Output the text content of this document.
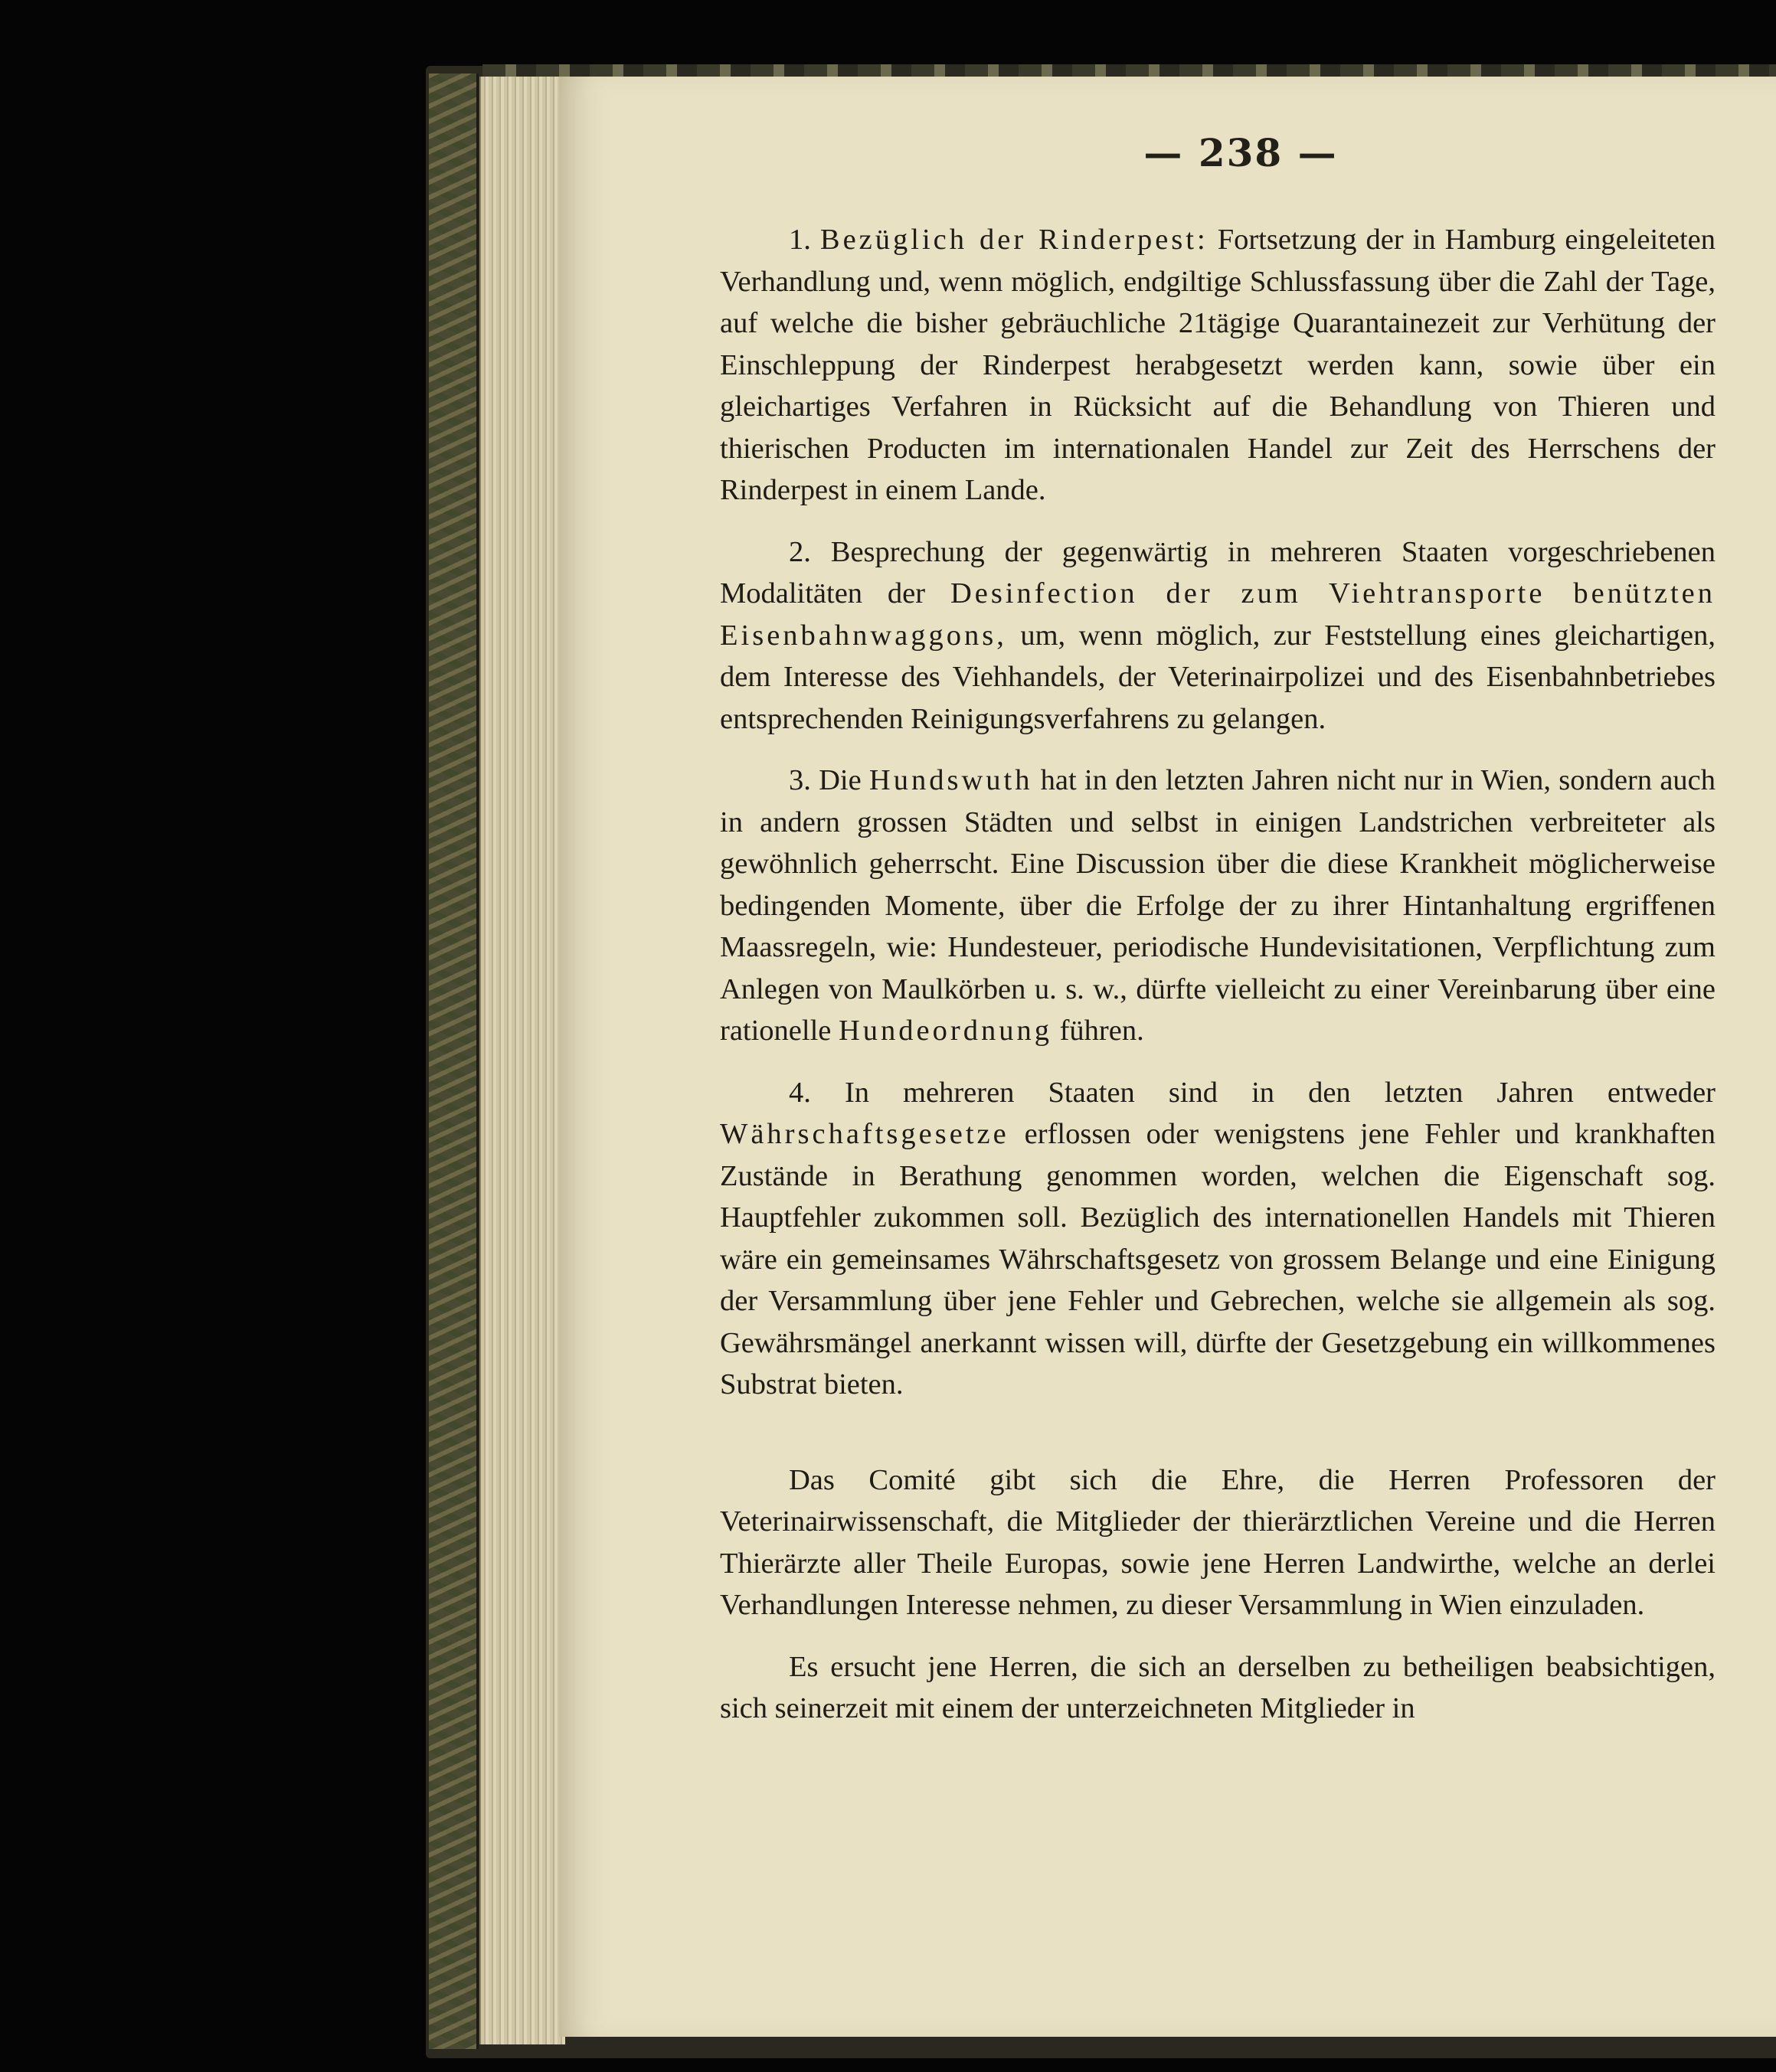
— 238 —

1. Bezüglich der Rinderpest: Fortsetzung der in Hamburg eingeleiteten Verhandlung und, wenn möglich, endgiltige Schlussfassung über die Zahl der Tage, auf welche die bisher gebräuchliche 21tägige Quarantainezeit zur Verhütung der Einschleppung der Rinderpest herabgesetzt werden kann, sowie über ein gleichartiges Verfahren in Rücksicht auf die Behandlung von Thieren und thierischen Producten im internationalen Handel zur Zeit des Herrschens der Rinderpest in einem Lande.

2. Besprechung der gegenwärtig in mehreren Staaten vorgeschriebenen Modalitäten der Desinfection der zum Viehtransporte benützten Eisenbahnwaggons, um, wenn möglich, zur Feststellung eines gleichartigen, dem Interesse des Viehhandels, der Veterinairpolizei und des Eisenbahnbetriebes entsprechenden Reinigungsverfahrens zu gelangen.

3. Die Hundswuth hat in den letzten Jahren nicht nur in Wien, sondern auch in andern grossen Städten und selbst in einigen Landstrichen verbreiteter als gewöhnlich geherrscht. Eine Discussion über die diese Krankheit möglicherweise bedingenden Momente, über die Erfolge der zu ihrer Hintanhaltung ergriffenen Maassregeln, wie: Hundesteuer, periodische Hundevisitationen, Verpflichtung zum Anlegen von Maulkörben u. s. w., dürfte vielleicht zu einer Vereinbarung über eine rationelle Hundeordnung führen.

4. In mehreren Staaten sind in den letzten Jahren entweder Währschaftsgesetze erflossen oder wenigstens jene Fehler und krankhaften Zustände in Berathung genommen worden, welchen die Eigenschaft sog. Hauptfehler zukommen soll. Bezüglich des internationellen Handels mit Thieren wäre ein gemeinsames Währschaftsgesetz von grossem Belange und eine Einigung der Versammlung über jene Fehler und Gebrechen, welche sie allgemein als sog. Gewährsmängel anerkannt wissen will, dürfte der Gesetzgebung ein willkommenes Substrat bieten.

Das Comité gibt sich die Ehre, die Herren Professoren der Veterinairwissenschaft, die Mitglieder der thierärztlichen Vereine und die Herren Thierärzte aller Theile Europas, sowie jene Herren Landwirthe, welche an derlei Verhandlungen Interesse nehmen, zu dieser Versammlung in Wien einzuladen.

Es ersucht jene Herren, die sich an derselben zu betheiligen beabsichtigen, sich seinerzeit mit einem der unterzeichneten Mitglieder in
